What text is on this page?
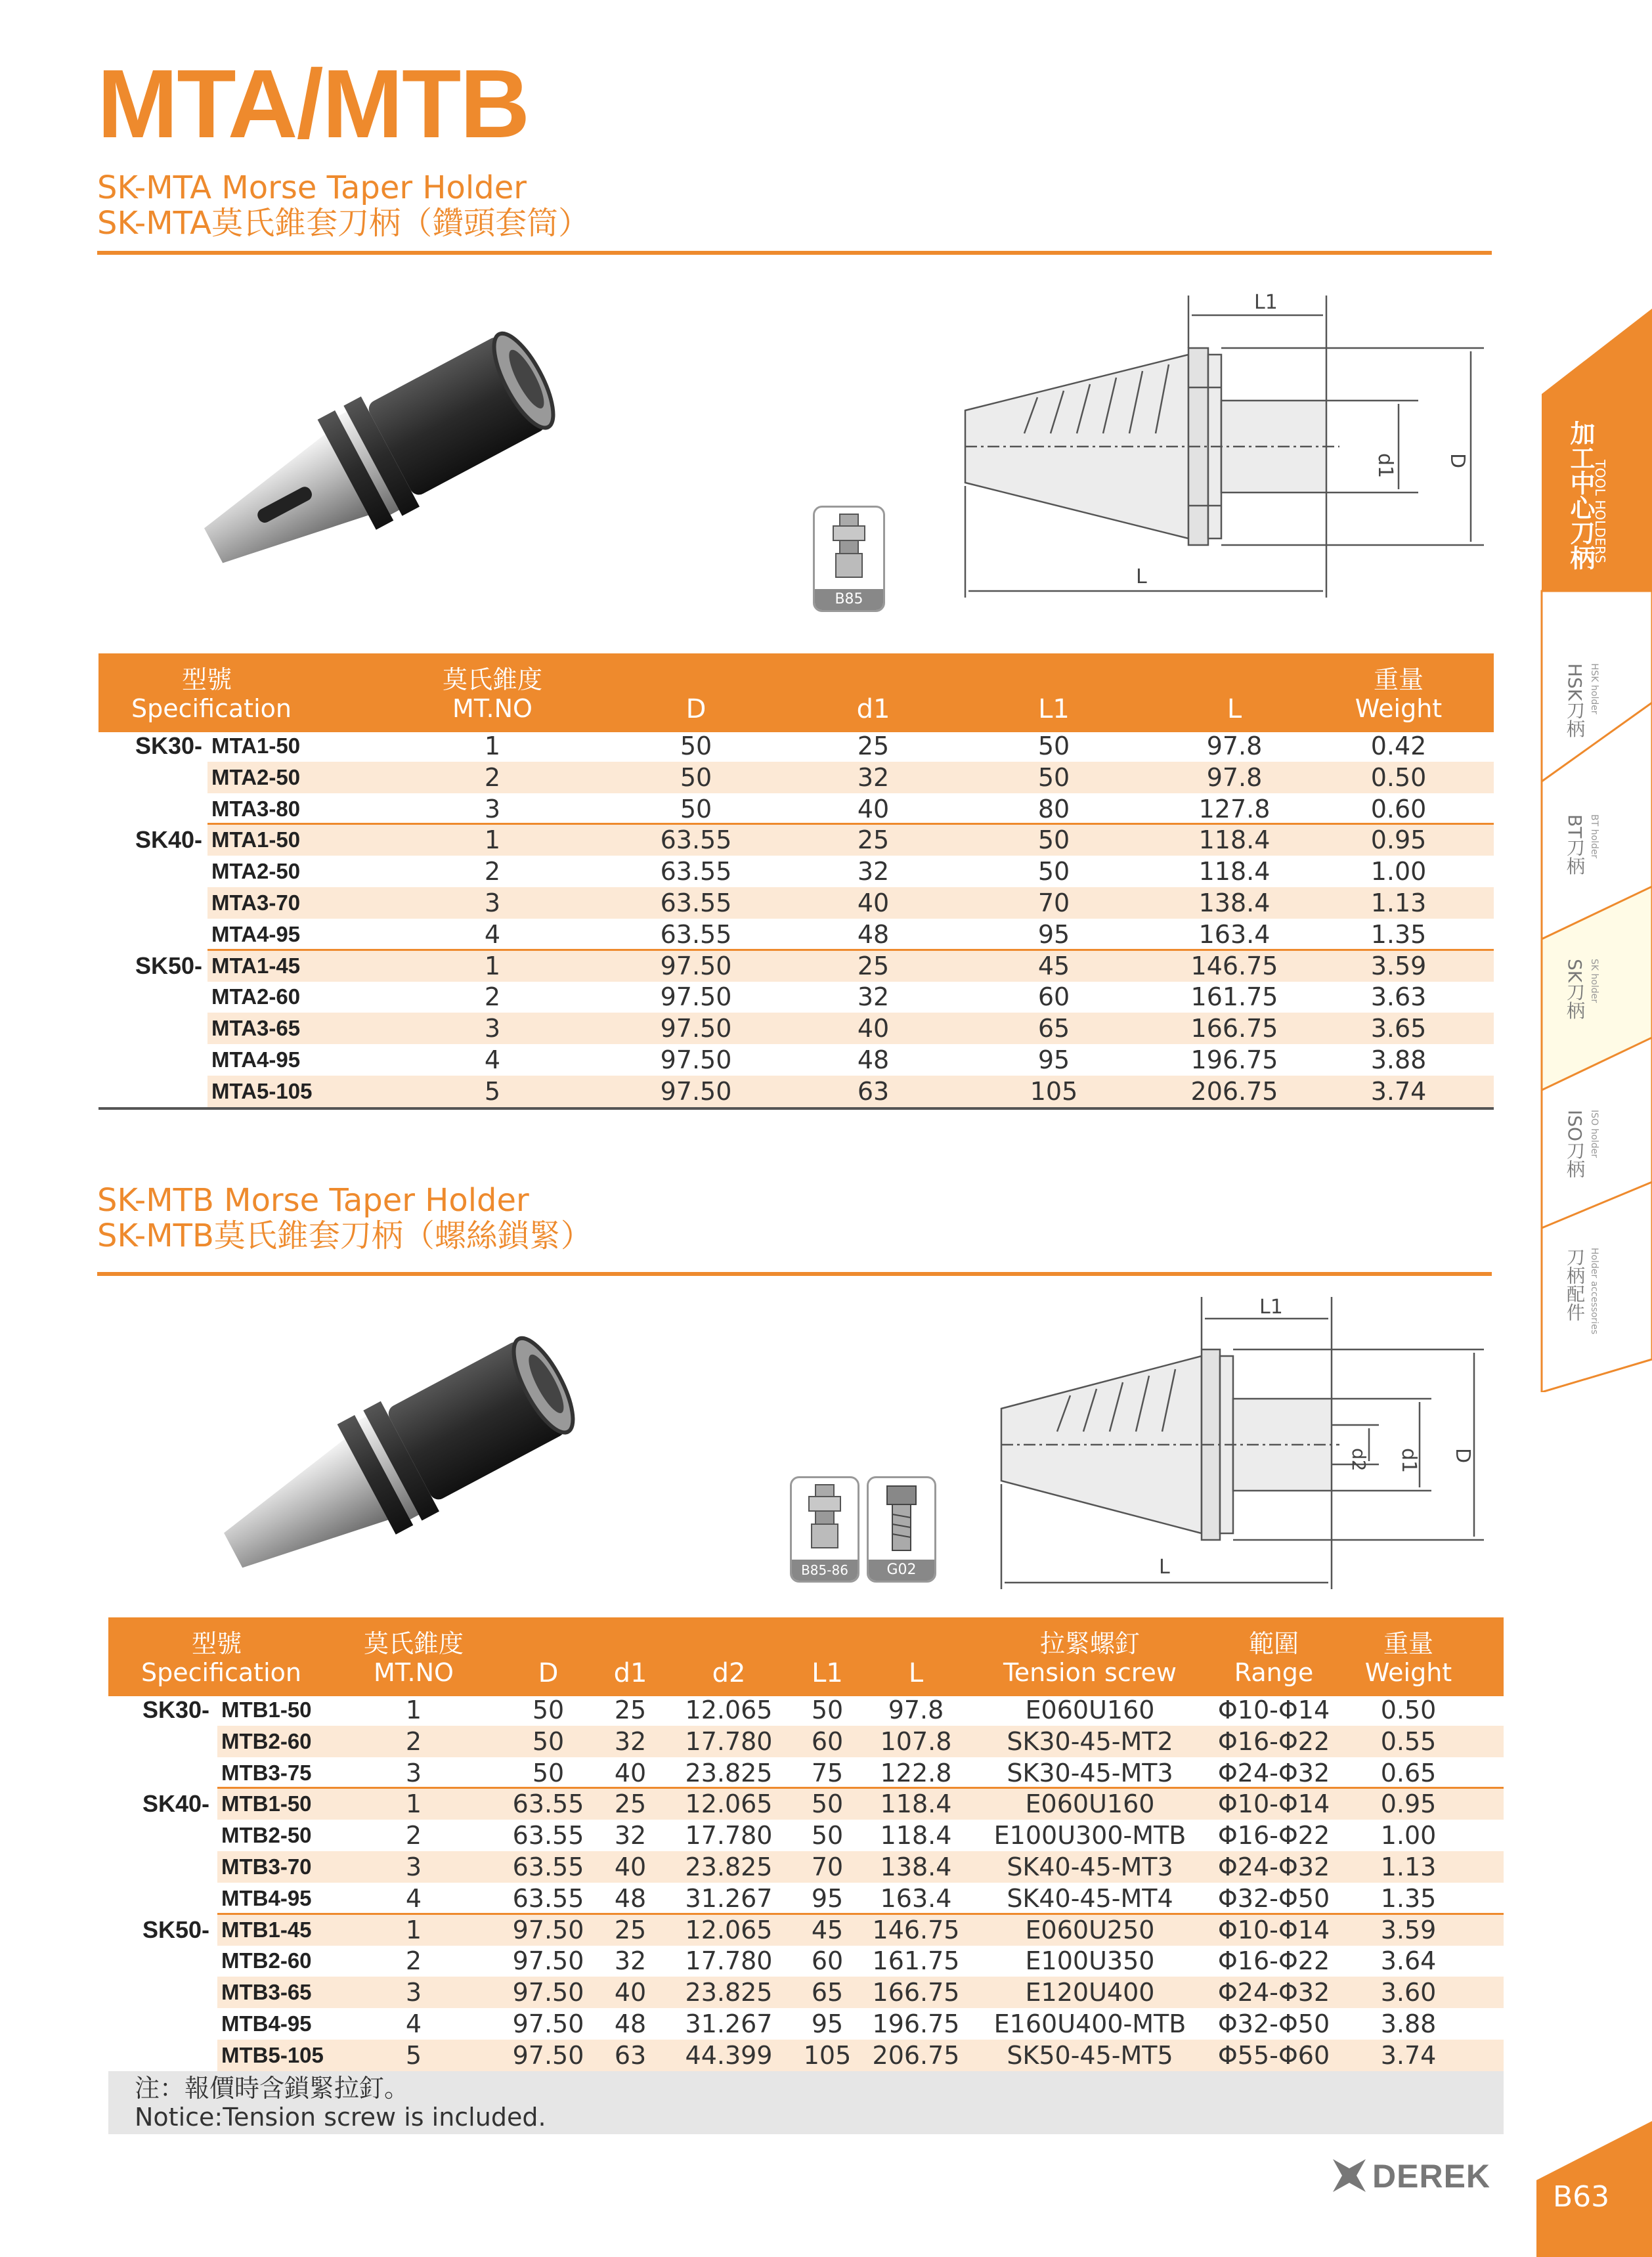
MTA/MTB
SK-MTA Morse Taper Holder
SK-MTA莫氏錐套刀柄（鑽頭套筒）
B85
L1
L
d1	D
型號
Specification
莫氏錐度
MT.NO	D	d1	L1	L
重量
Weight
SK30- MTA1-50	1	50	25	50	97.8	0.42
MTA2-50	2	50	32	50	97.8	0.50
MTA3-80	3	50	40	80	127.8	0.60
SK40- MTA1-50	1	63.55	25	50	118.4	0.95
MTA2-50	2	63.55	32	50	118.4	1.00
MTA3-70	3	63.55	40	70	138.4	1.13
MTA4-95	4	63.55	48	95	163.4	1.35
SK50- MTA1-45	1	97.50	25	45	146.75	3.59
MTA2-60	2	97.50	32	60	161.75	3.63
MTA3-65	3	97.50	40	65	166.75	3.65
MTA4-95	4	97.50	48	95	196.75	3.88
MTA5-105	5	97.50	63	105	206.75	3.74
SK-MTB Morse Taper Holder
SK-MTB莫氏錐套刀柄（螺絲鎖緊）
B85-86	G02
L1
L
d2 d1 D
型號
Specification
莫氏錐度
MT.NO	D	d1	d2	L1	L
拉緊螺釘
Tension screw
範圍
Range
重量
Weight
SK30- MTB1-50	1	50	25	12.065	50	97.8	E060U160	Φ10-Φ14	0.50
MTB2-60	2	50	32	17.780	60	107.8	SK30-45-MT2	Φ16-Φ22	0.55
MTB3-75	3	50	40	23.825	75	122.8	SK30-45-MT3	Φ24-Φ32	0.65
SK40- MTB1-50	1	63.55	25	12.065	50	118.4	E060U160	Φ10-Φ14	0.95
MTB2-50	2	63.55	32	17.780	50	118.4	E100U300-MTB	Φ16-Φ22	1.00
MTB3-70	3	63.55	40	23.825	70	138.4	SK40-45-MT3	Φ24-Φ32	1.13
MTB4-95	4	63.55	48	31.267	95	163.4	SK40-45-MT4	Φ32-Φ50	1.35
SK50- MTB1-45	1	97.50	25	12.065	45	146.75	E060U250	Φ10-Φ14	3.59
MTB2-60	2	97.50	32	17.780	60	161.75	E100U350	Φ16-Φ22	3.64
MTB3-65	3	97.50	40	23.825	65	166.75	E120U400	Φ24-Φ32	3.60
MTB4-95	4	97.50	48	31.267	95	196.75	E160U400-MTB	Φ32-Φ50	3.88
MTB5-105	5	97.50	63	44.399	105 206.75	SK50-45-MT5	Φ55-Φ60	3.74
注：報價時含鎖緊拉釘。
Notice:Tension screw is included.
加工中心刀柄
TOOL HOLDERS
HSK刀柄 HSK holder
BT刀柄 BT holder
SK刀柄 SK holder
ISO刀柄 ISO holder
刀柄配件 Holder accessories
DEREK
B63
